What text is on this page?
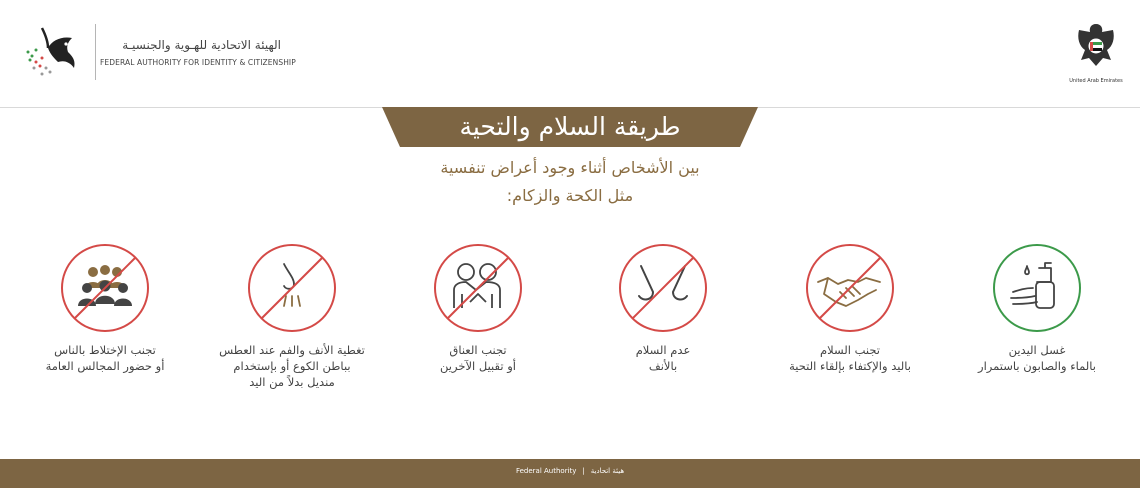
الهيئة الاتحادية للهـوية والجنسيـة
FEDERAL AUTHORITY FOR IDENTITY & CITIZENSHIP
United Arab Emirates
طريقة السلام والتحية
بين الأشخاص أثناء وجود أعراض تنفسية
مثل الكحة والزكام:
غسل اليدين
بالماء والصابون باستمرار
تجنب السلام
باليد والإكتفاء بإلقاء التحية
عدم السلام
بالأنف
تجنب العناق
أو تقبيل الآخرين
تغطية الأنف والفم عند العطس
بباطن الكوع أو بإستخدام
منديل بدلاً من اليد
تجنب الإختلاط بالناس
أو حضور المجالس العامة
Federal Authority | هيئة اتحادية
